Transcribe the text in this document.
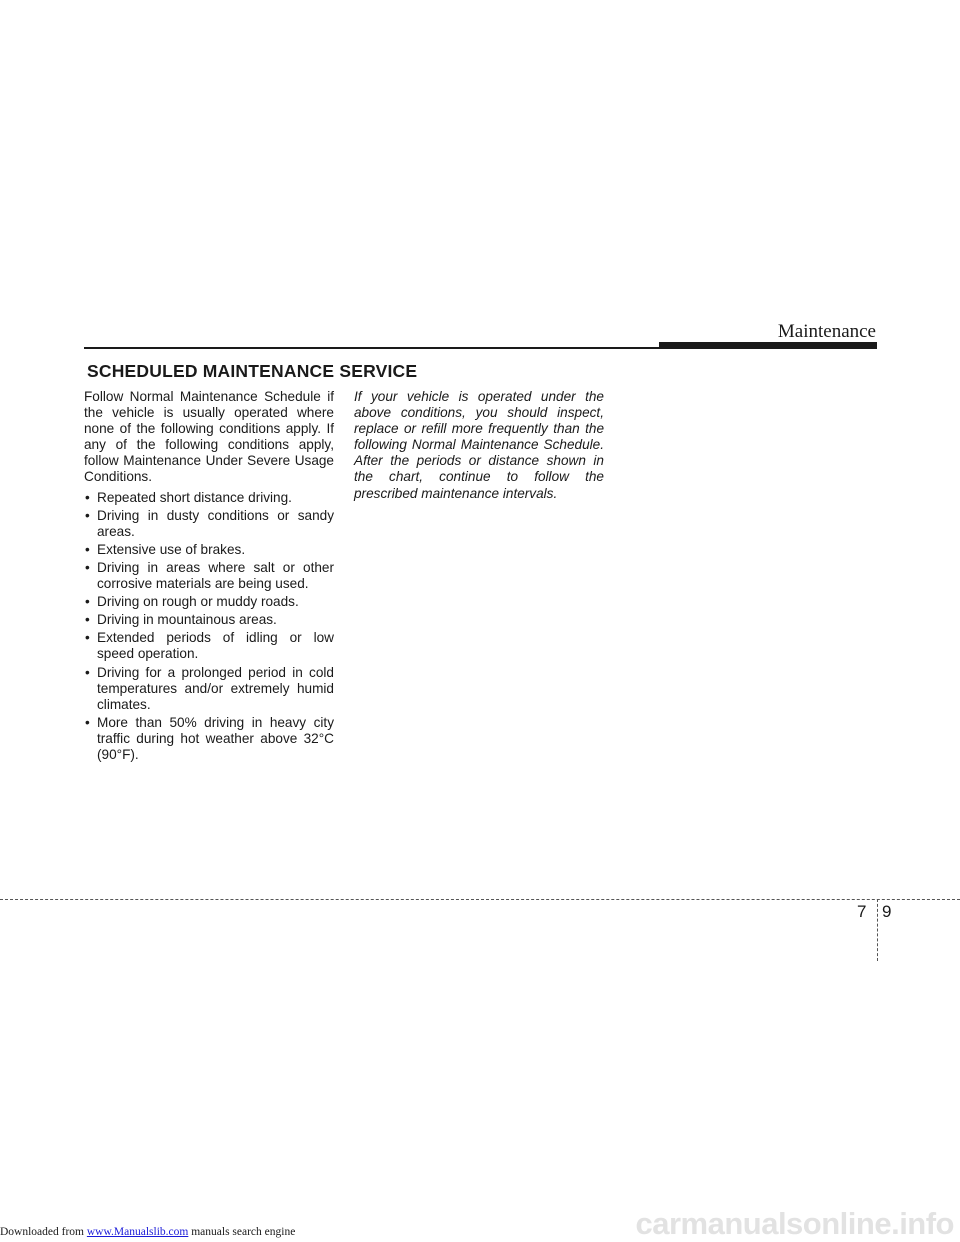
Maintenance
SCHEDULED MAINTENANCE SERVICE
Follow Normal Maintenance Schedule if the vehicle is usually operated where none of the following conditions apply. If any of the following conditions apply, follow Maintenance Under Severe Usage Conditions.
• Repeated short distance driving.
• Driving in dusty conditions or sandy areas.
• Extensive use of brakes.
• Driving in areas where salt or other corrosive materials are being used.
• Driving on rough or muddy roads.
• Driving in mountainous areas.
• Extended periods of idling or low speed operation.
• Driving for a prolonged period in cold temperatures and/or extremely humid climates.
• More than 50% driving in heavy city traffic during hot weather above 32°C (90°F).
If your vehicle is operated under the above conditions, you should inspect, replace or refill more frequently than the following Normal Maintenance Schedule. After the periods or distance shown in the chart, continue to follow the prescribed maintenance intervals.
7 9
Downloaded from www.Manualslib.com manuals search engine	carmanualsonline.info
